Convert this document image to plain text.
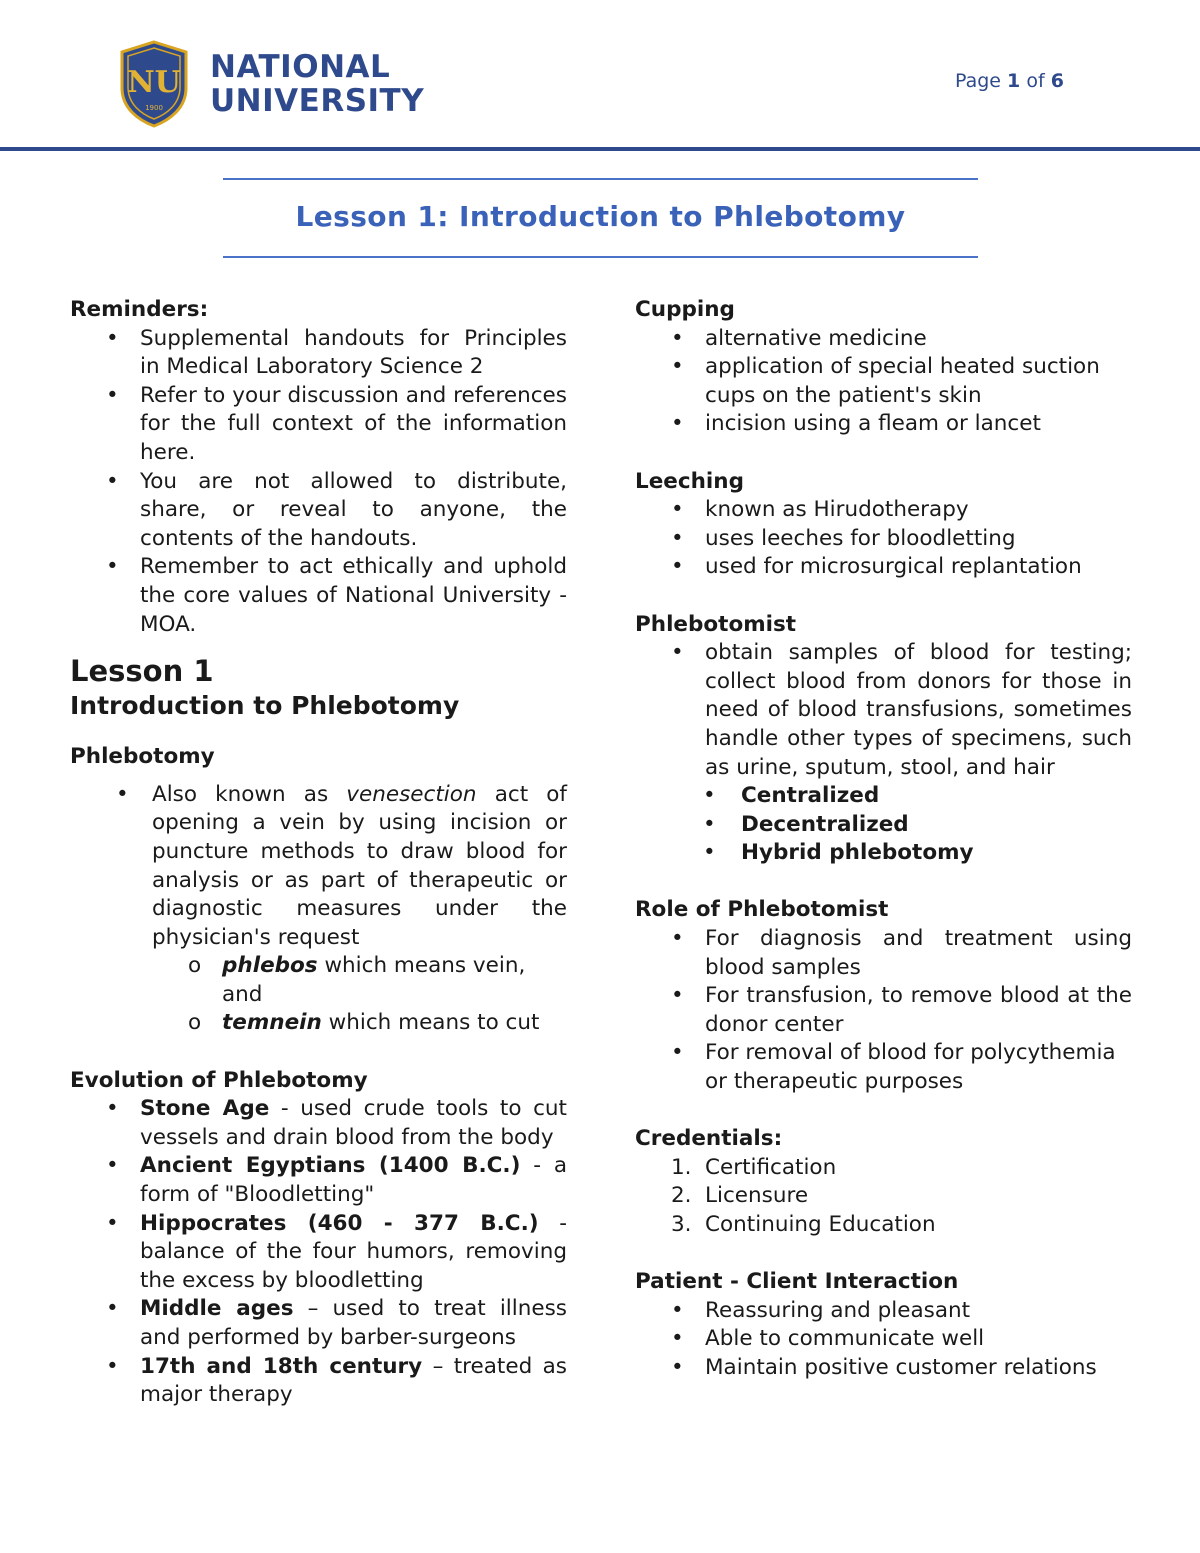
NU
1900
NATIONAL
UNIVERSITY
Page 1 of 6
Lesson 1: Introduction to Phlebotomy
Reminders:
• Supplemental handouts for Principles in Medical Laboratory Science 2
• Refer to your discussion and references for the full context of the information here.
• You are not allowed to distribute, share, or reveal to anyone, the contents of the handouts.
• Remember to act ethically and uphold the core values of National University - MOA.
Lesson 1
Introduction to Phlebotomy
Phlebotomy
• Also known as venesection act of opening a vein by using incision or puncture methods to draw blood for analysis or as part of therapeutic or diagnostic measures under the physician's request
o phlebos which means vein, and
o temnein which means to cut
Evolution of Phlebotomy
• Stone Age - used crude tools to cut vessels and drain blood from the body
• Ancient Egyptians (1400 B.C.) - a form of "Bloodletting"
• Hippocrates (460 - 377 B.C.) - balance of the four humors, removing the excess by bloodletting
• Middle ages – used to treat illness and performed by barber-surgeons
• 17th and 18th century – treated as major therapy
Cupping
• alternative medicine
• application of special heated suction cups on the patient's skin
• incision using a fleam or lancet
Leeching
• known as Hirudotherapy
• uses leeches for bloodletting
• used for microsurgical replantation
Phlebotomist
• obtain samples of blood for testing; collect blood from donors for those in need of blood transfusions, sometimes handle other types of specimens, such as urine, sputum, stool, and hair
• Centralized
• Decentralized
• Hybrid phlebotomy
Role of Phlebotomist
• For diagnosis and treatment using blood samples
• For transfusion, to remove blood at the donor center
• For removal of blood for polycythemia or therapeutic purposes
Credentials:
1. Certification
2. Licensure
3. Continuing Education
Patient - Client Interaction
• Reassuring and pleasant
• Able to communicate well
• Maintain positive customer relations
